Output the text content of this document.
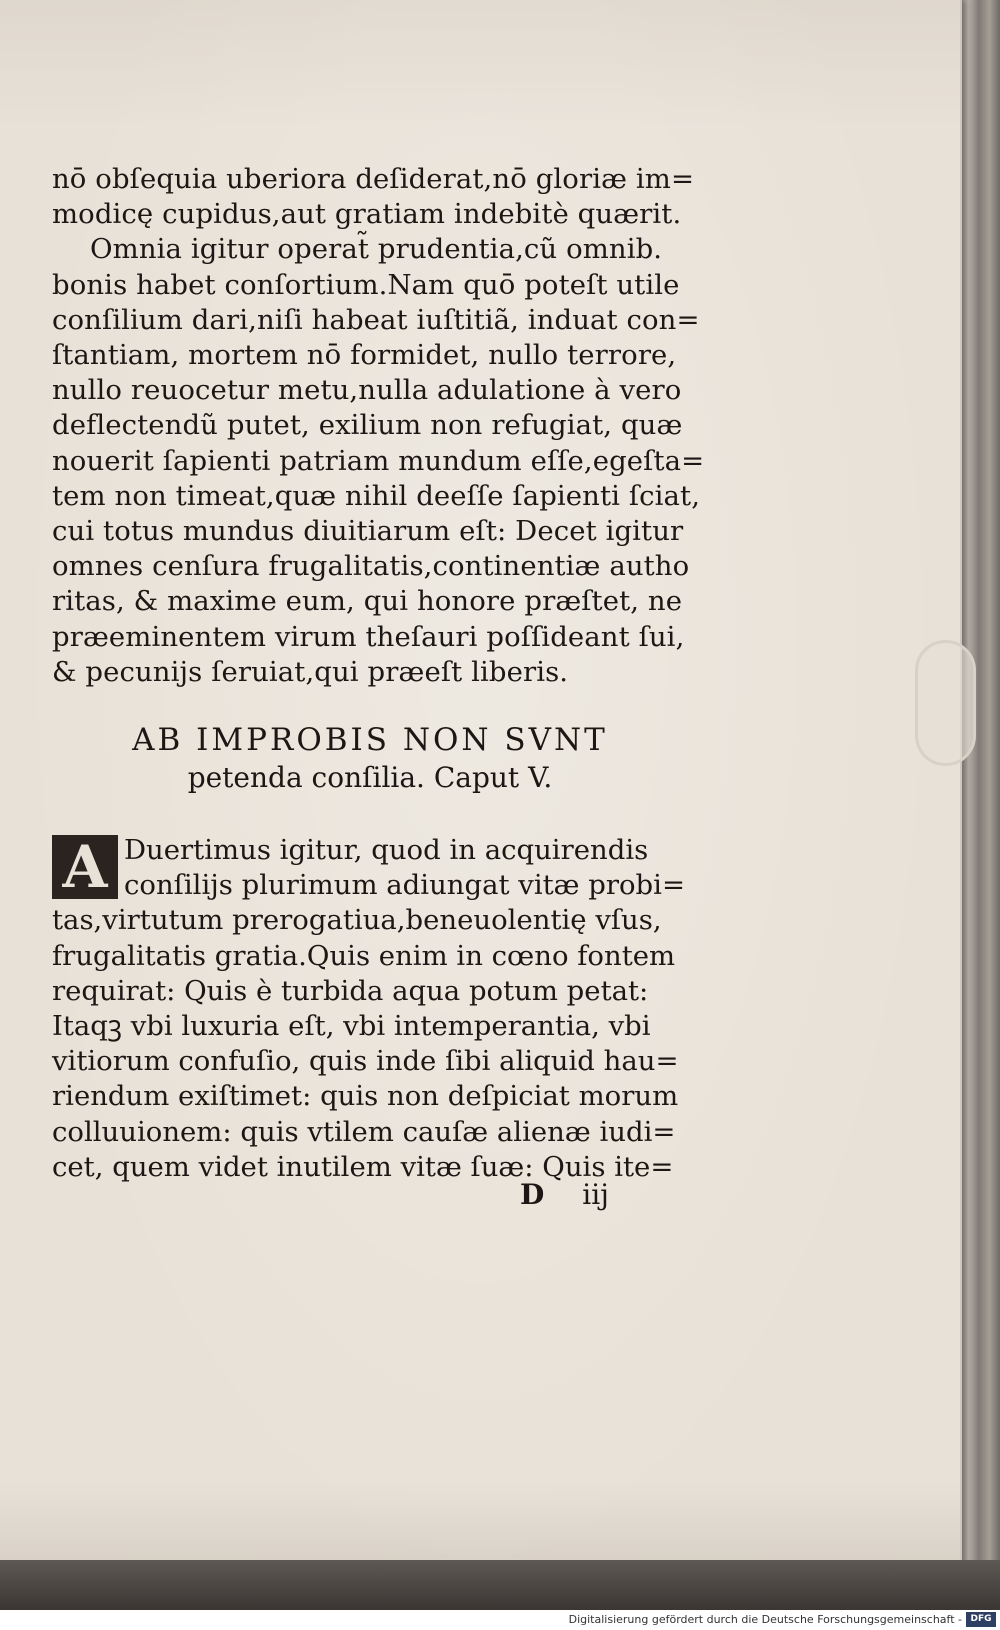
nō obſequia uberiora deſiderat,nō gloriæ im=
modicę cupidus,aut gratiam indebitè quærit.
Omnia igitur operat̃ prudentia,cũ omnib.
bonis habet conſortium.Nam quō poteſt utile
conſilium dari,niſi habeat iuſtitiã, induat con=
ſtantiam, mortem nō formidet, nullo terrore,
nullo reuocetur metu,nulla adulatione à vero
deflectendũ putet, exilium non refugiat, quæ
nouerit ſapienti patriam mundum eſſe,egeſta=
tem non timeat,quæ nihil deeſſe ſapienti ſciat,
cui totus mundus diuitiarum eſt: Decet igitur
omnes cenſura frugalitatis,continentiæ autho
ritas, & maxime eum, qui honore præſtet, ne
præeminentem virum theſauri poſſideant ſui,
& pecunijs ſeruiat,qui præeſt liberis.
AB IMPROBIS NON SVNT
petenda conſilia. Caput V.
A Duertimus igitur, quod in acquirendis
conſilijs plurimum adiungat vitæ probi=
tas,virtutum prerogatiua,beneuolentię vſus,
frugalitatis gratia.Quis enim in cœno fontem
requirat: Quis è turbida aqua potum petat:
Itaqꝫ vbi luxuria eſt, vbi intemperantia, vbi
vitiorum confuſio, quis inde ſibi aliquid hau=
riendum exiſtimet: quis non deſpiciat morum
colluuionem: quis vtilem cauſæ alienæ iudi=
cet, quem videt inutilem vitæ ſuæ: Quis ite=
D iij
Digitalisierung gefördert durch die Deutsche Forschungsgemeinschaft - DFG
